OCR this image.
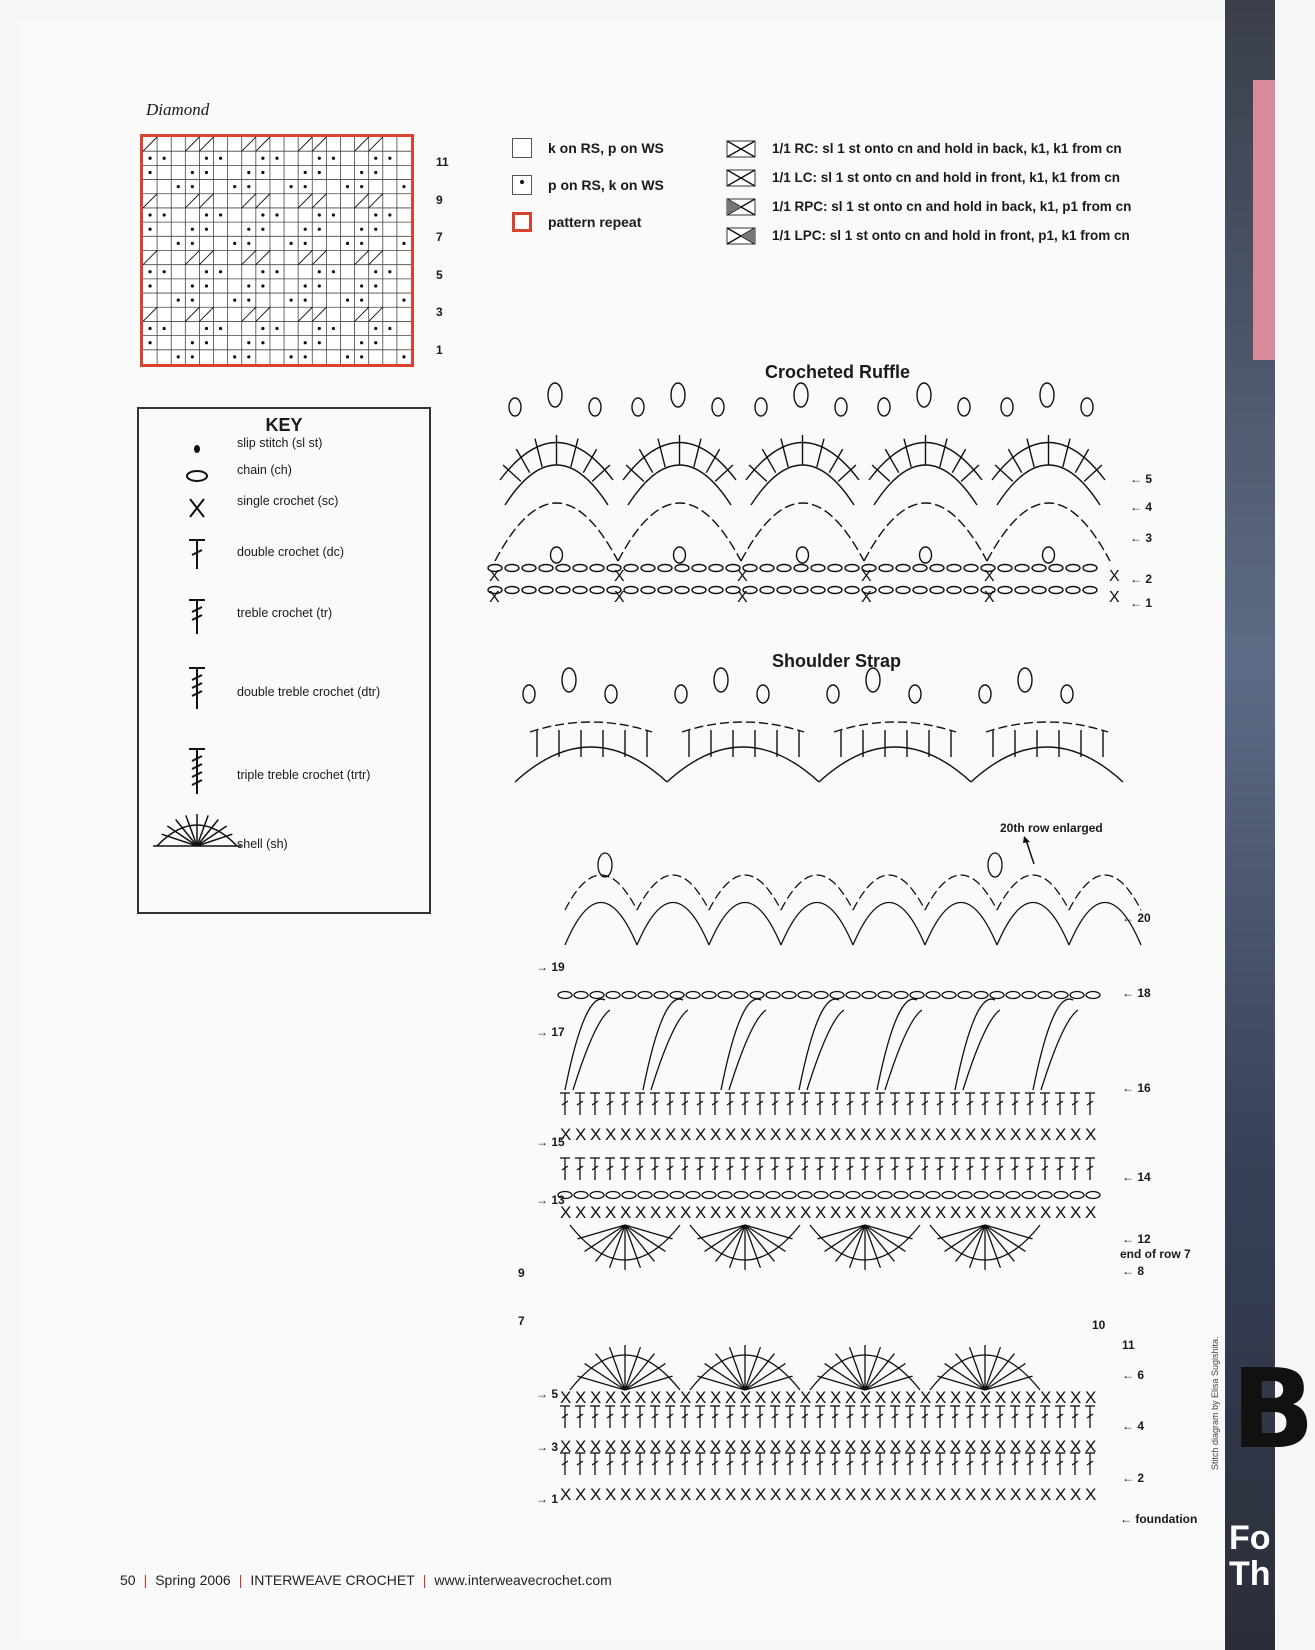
B
Fo
Th
Diamond
11
9
7
5
3
1
KEY
slip stitch (sl st)
chain (ch)
single crochet (sc)
double crochet (dc)
treble crochet (tr)
double treble crochet (dtr)
triple treble crochet (trtr)
shell (sh)
k on RS, p on WS
p on RS, k on WS
pattern repeat
1/1 RC: sl 1 st onto cn and hold in back, k1, k1 from cn
1/1 LC: sl 1 st onto cn and hold in front, k1, k1 from cn
1/1 RPC: sl 1 st onto cn and hold in back, k1, p1 from cn
1/1 LPC: sl 1 st onto cn and hold in front, p1, k1 from cn
Crocheted Ruffle
X
X
X
X
X
X
X
X
X
X
X
X
← 5
← 4
← 3
← 2
← 1
Shoulder Strap
20th row enlarged
X X X X X X X X X X X X X X X X X X X X X X X X X X X X X X X X X X X X
X X X X X X X X X X X X X X X X X X X X X X X X X X X X X X X X X X X X
X X X X X X X X X X X X X X X X X X X X X X X X X X X X X X X X X X X X
X X X X X X X X X X X X X X X X X X X X X X X X X X X X X X X X X X X X
X X X X X X X X X X X X X X X X X X X X X X X X X X X X X X X X X X X X
← 20
← 18
← 16
← 14
← 12
← 8
← 6
← 4
← 2
→ 19
→ 17
→ 15
→ 13
9
7
→ 5
→ 3
→ 1
end of row 7
← foundation
10
11	Stitch diagram by Elisa Sugishita.
50 | Spring 2006 | INTERWEAVE CROCHET | www.interweavecrochet.com
